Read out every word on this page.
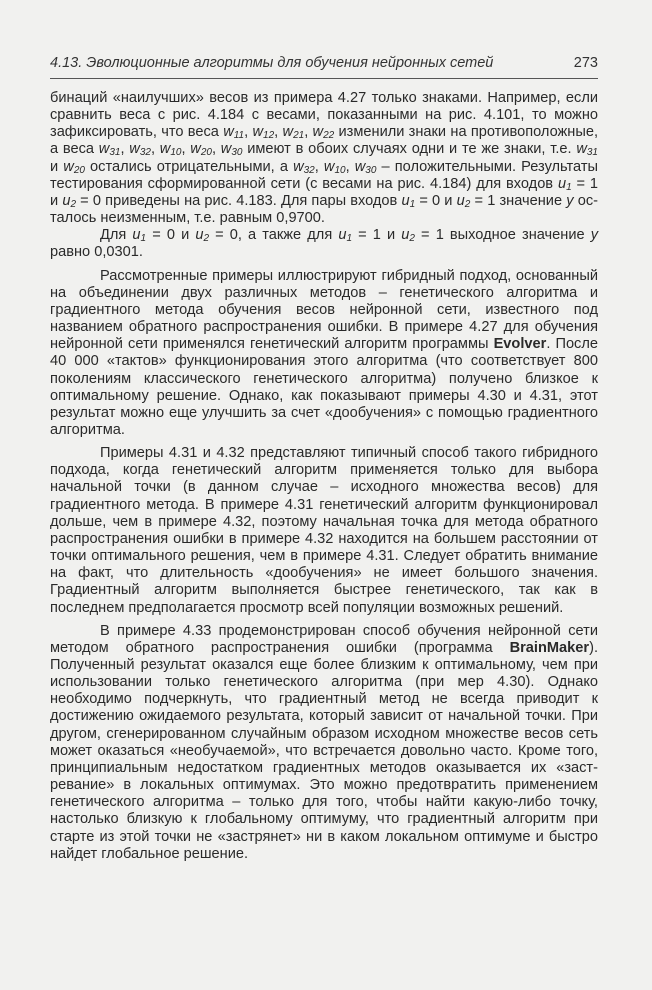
4.13. Эволюционные алгоритмы для обучения нейронных сетей	273

бинаций «наилучших» весов из примера 4.27 только знаками. Например, если сравнить веса с рис. 4.184 с весами, показанными на рис. 4.101, то можно зафиксировать, что веса $w_{11}$, $w_{12}$, $w_{21}$, $w_{22}$ изменили знаки на противоположные, а веса $w_{31}$, $w_{32}$, $w_{10}$, $w_{20}$, $w_{30}$ имеют в обоих случаях одни и те же знаки, т.е. $w_{31}$ и $w_{20}$ остались отрицательными, а $w_{32}$, $w_{10}$, $w_{30}$ – положительными. Результаты тестирования сформированной сети (с весами на рис. 4.184) для входов $u_1 = 1$ и $u_2 = 0$ приведены на рис. 4.183. Для пары входов $u_1 = 0$ и $u_2 = 1$ значение y осталось неизменным, т.е. равным 0,9700.

Для $u_1 = 0$ и $u_2 = 0$, а также для $u_1 = 1$ и $u_2 = 1$ выходное значение y равно 0,0301.

Рассмотренные примеры иллюстрируют гибридный подход, основанный на объединении двух различных методов – генетического алгоритма и градиентного метода обучения весов нейронной сети, известного под названием обратного распространения ошибки. В примере 4.27 для обучения нейронной сети применялся генетический алгоритм программы Evolver. После 40 000 «тактов» функционирования этого алгоритма (что соответствует 800 поколениям классического генетического алгоритма) получено близкое к оптимальному решение. Однако, как показывают примеры 4.30 и 4.31, этот результат можно еще улучшить за счет «дообучения» с помощью градиентного алгоритма.

Примеры 4.31 и 4.32 представляют типичный способ такого гибридного подхода, когда генетический алгоритм применяется только для выбора начальной точки (в данном случае – исходного множества весов) для градиентного метода. В примере 4.31 генетический алгоритм функционировал дольше, чем в примере 4.32, поэтому начальная точка для метода обратного распространения ошибки в примере 4.32 находится на большем расстоянии от точки оптимального решения, чем в примере 4.31. Следует обратить внимание на факт, что длительность «дообучения» не имеет большого значения. Градиентный алгоритм выполняется быстрее генетического, так как в последнем предполагается просмотр всей популяции возможных решений.

В примере 4.33 продемонстрирован способ обучения нейронной сети методом обратного распространения ошибки (программа BrainMaker). Полученный результат оказался еще более близким к оптимальному, чем при использовании только генетического алгоритма (при мер 4.30). Однако необходимо подчеркнуть, что градиентный метод не всегда приводит к достижению ожидаемого результата, который зависит от начальной точки. При другом, сгенерированном случайным образом исходном множестве весов сеть может оказаться «необучаемой», что встречается довольно часто. Кроме того, принципиальным недостатком градиентных методов оказывается их «застревание» в локальных оптимумах. Это можно предотвратить применением генетического алгоритма – только для того, чтобы найти какую-либо точку, настолько близкую к глобальному оптимуму, что градиентный алгоритм при старте из этой точки не «застрянет» ни в каком локальном оптимуме и быстро найдет глобальное решение.
